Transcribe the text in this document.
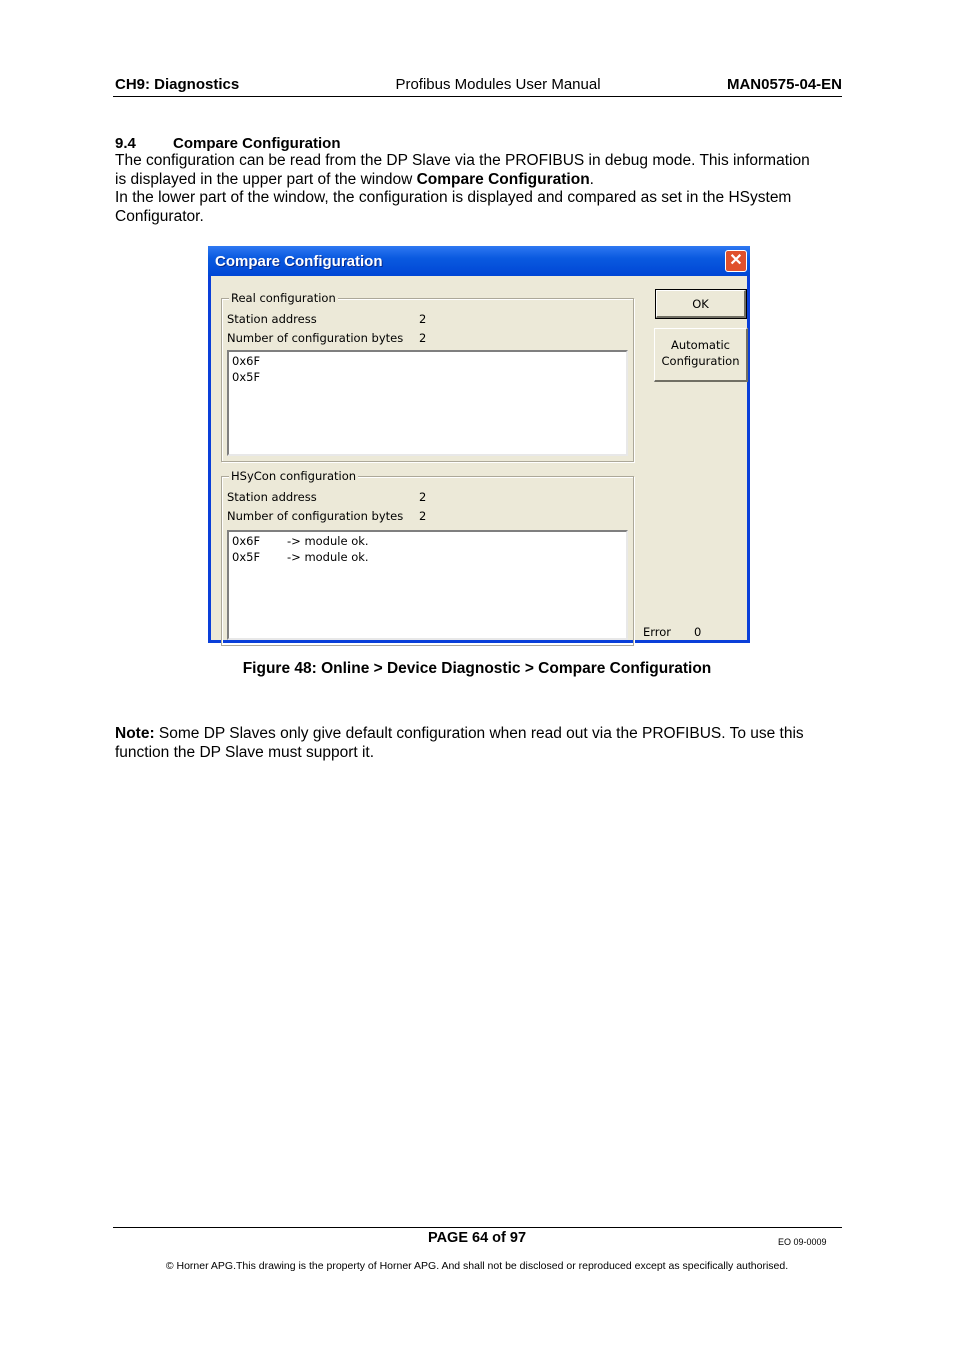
CH9: Diagnostics	Profibus Modules User Manual	MAN0575-04-EN
9.4 Compare Configuration
The configuration can be read from the DP Slave via the PROFIBUS in debug mode. This information
is displayed in the upper part of the window Compare Configuration.
In the lower part of the window, the configuration is displayed and compared as set in the HSystem
Configurator.
Compare Configuration	✕
Real configuration
Station address	2
Number of configuration bytes 2
0x6F
0x5F
HSyCon configuration
Station address	2
Number of configuration bytes 2
0x6F -> module ok.
0x5F -> module ok.
OK
Automatic
Configuration
Error 0
Figure 48: Online > Device Diagnostic > Compare Configuration
Note: Some DP Slaves only give default configuration when read out via the PROFIBUS. To use this
function the DP Slave must support it.
PAGE 64 of 97	EO 09-0009
© Horner APG.This drawing is the property of Horner APG. And shall not be disclosed or reproduced except as specifically authorised.
